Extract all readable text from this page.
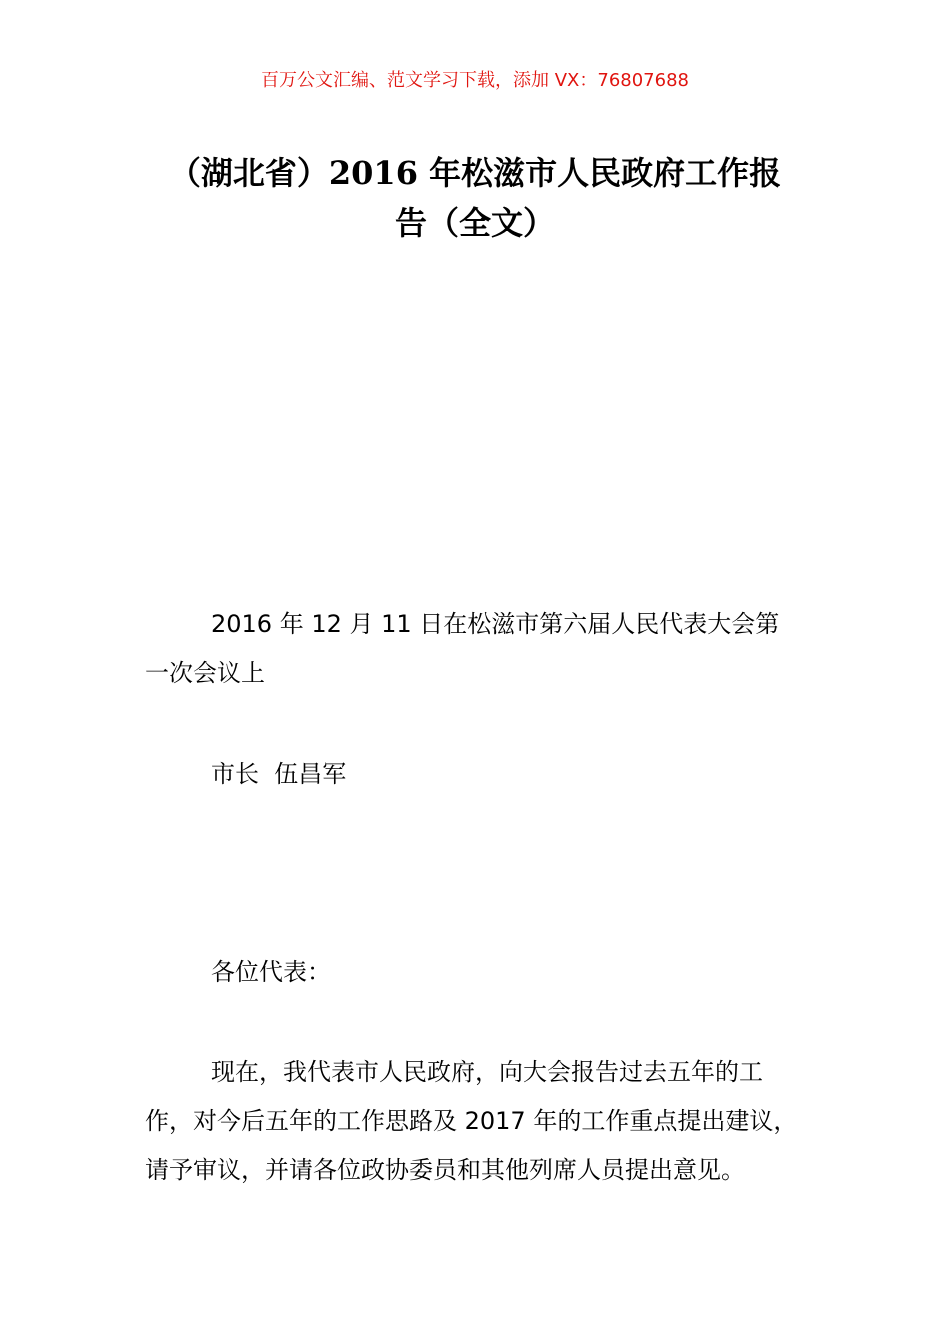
百万公文汇编、范文学习下载，添加 VX：76807688
（湖北省）2016 年松滋市人民政府工作报
告（全文）

2016 年 12 月 11 日在松滋市第六届人民代表大会第
一次会议上

市长  伍昌军

各位代表：

现在，我代表市人民政府，向大会报告过去五年的工
作，对今后五年的工作思路及 2017 年的工作重点提出建议，
请予审议，并请各位政协委员和其他列席人员提出意见。
